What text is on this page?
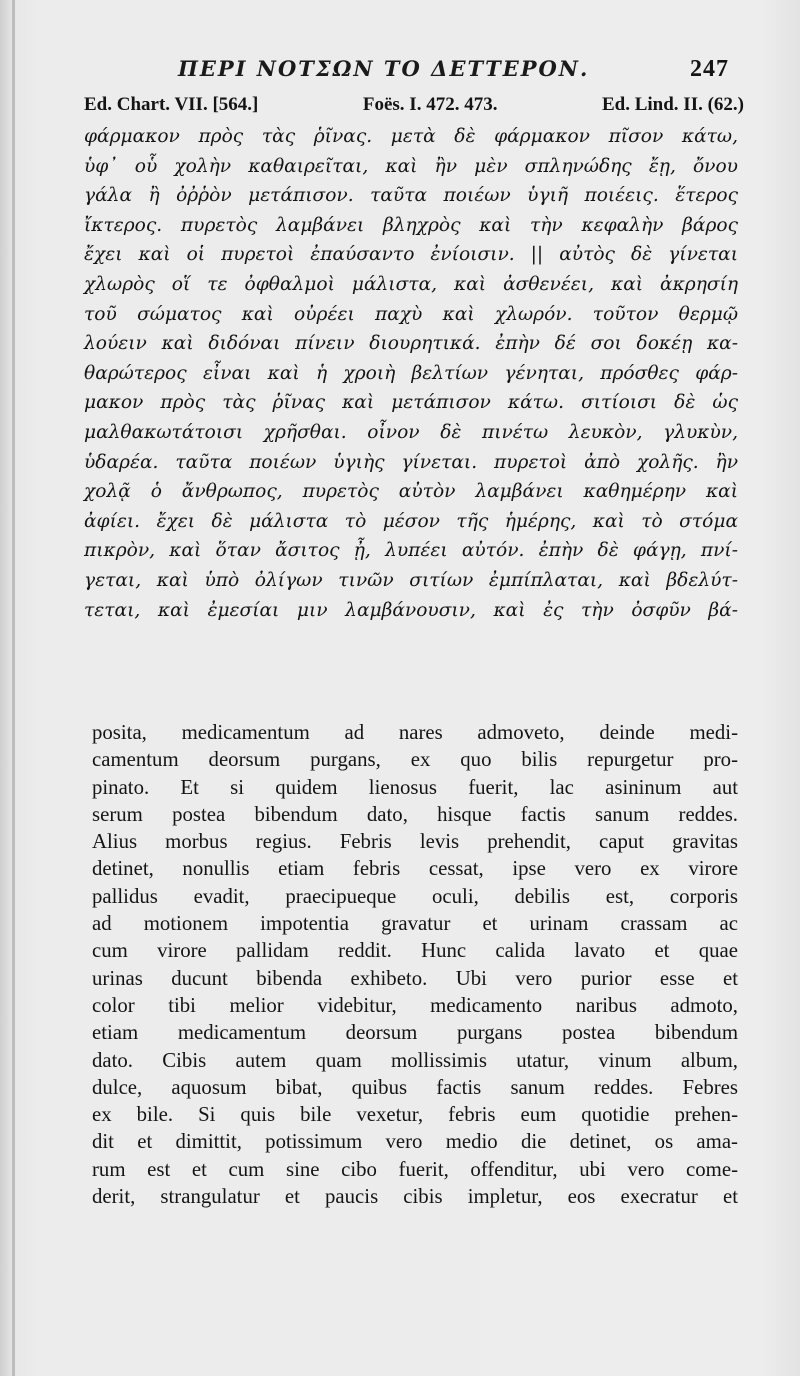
ΠΕΡΙ ΝΟΤΣΩΝ ΤΟ ΔΕΤΤΕΡΟΝ.	247
Ed. Chart. VII. [564.]	Foës. I. 472. 473.	Ed. Lind. II. (62.)
φάρμακον πρὸς τὰς ῥῖνας. μετὰ δὲ φάρμακον πῖσον κάτω,
ὑφ᾽ οὗ χολὴν καθαιρεῖται, καὶ ἢν μὲν σπληνώδης ἔῃ, ὄνου
γάλα ἢ ὀῤῥὸν μετάπισον. ταῦτα ποιέων ὑγιῆ ποιέεις. ἕτερος
ἴκτερος. πυρετὸς λαμβάνει βληχρὸς καὶ τὴν κεφαλὴν βάρος
ἔχει καὶ οἱ πυρετοὶ ἐπαύσαντο ἐνίοισιν. || αὐτὸς δὲ γίνεται
χλωρὸς οἵ τε ὀφθαλμοὶ μάλιστα, καὶ ἀσθενέει, καὶ ἀκρησίη
τοῦ σώματος καὶ οὐρέει παχὺ καὶ χλωρόν. τοῦτον θερμῷ
λούειν καὶ διδόναι πίνειν διουρητικά. ἐπὴν δέ σοι δοκέῃ κα-
θαρώτερος εἶναι καὶ ἡ χροιὴ βελτίων γένηται, πρόσθες φάρ-
μακον πρὸς τὰς ῥῖνας καὶ μετάπισον κάτω. σιτίοισι δὲ ὡς
μαλθακωτάτοισι χρῆσθαι. οἶνον δὲ πινέτω λευκὸν, γλυκὺν,
ὑδαρέα. ταῦτα ποιέων ὑγιὴς γίνεται. πυρετοὶ ἀπὸ χολῆς. ἢν
χολᾷ ὁ ἄνθρωπος, πυρετὸς αὐτὸν λαμβάνει καθημέρην καὶ
ἀφίει. ἔχει δὲ μάλιστα τὸ μέσον τῆς ἡμέρης, καὶ τὸ στόμα
πικρὸν, καὶ ὅταν ἄσιτος ᾖ, λυπέει αὐτόν. ἐπὴν δὲ φάγῃ, πνί-
γεται, καὶ ὑπὸ ὀλίγων τινῶν σιτίων ἐμπίπλαται, καὶ βδελύτ-
τεται, καὶ ἐμεσίαι μιν λαμβάνουσιν, καὶ ἐς τὴν ὀσφῦν βά-
posita, medicamentum ad nares admoveto, deinde medi-
camentum deorsum purgans, ex quo bilis repurgetur pro-
pinato. Et si quidem lienosus fuerit, lac asininum aut
serum postea bibendum dato, hisque factis sanum reddes.
Alius morbus regius. Febris levis prehendit, caput gravitas
detinet, nonullis etiam febris cessat, ipse vero ex virore
pallidus evadit, praecipueque oculi, debilis est, corporis
ad motionem impotentia gravatur et urinam crassam ac
cum virore pallidam reddit. Hunc calida lavato et quae
urinas ducunt bibenda exhibeto. Ubi vero purior esse et
color tibi melior videbitur, medicamento naribus admoto,
etiam medicamentum deorsum purgans postea bibendum
dato. Cibis autem quam mollissimis utatur, vinum album,
dulce, aquosum bibat, quibus factis sanum reddes. Febres
ex bile. Si quis bile vexetur, febris eum quotidie prehen-
dit et dimittit, potissimum vero medio die detinet, os ama-
rum est et cum sine cibo fuerit, offenditur, ubi vero come-
derit, strangulatur et paucis cibis impletur, eos execratur et
